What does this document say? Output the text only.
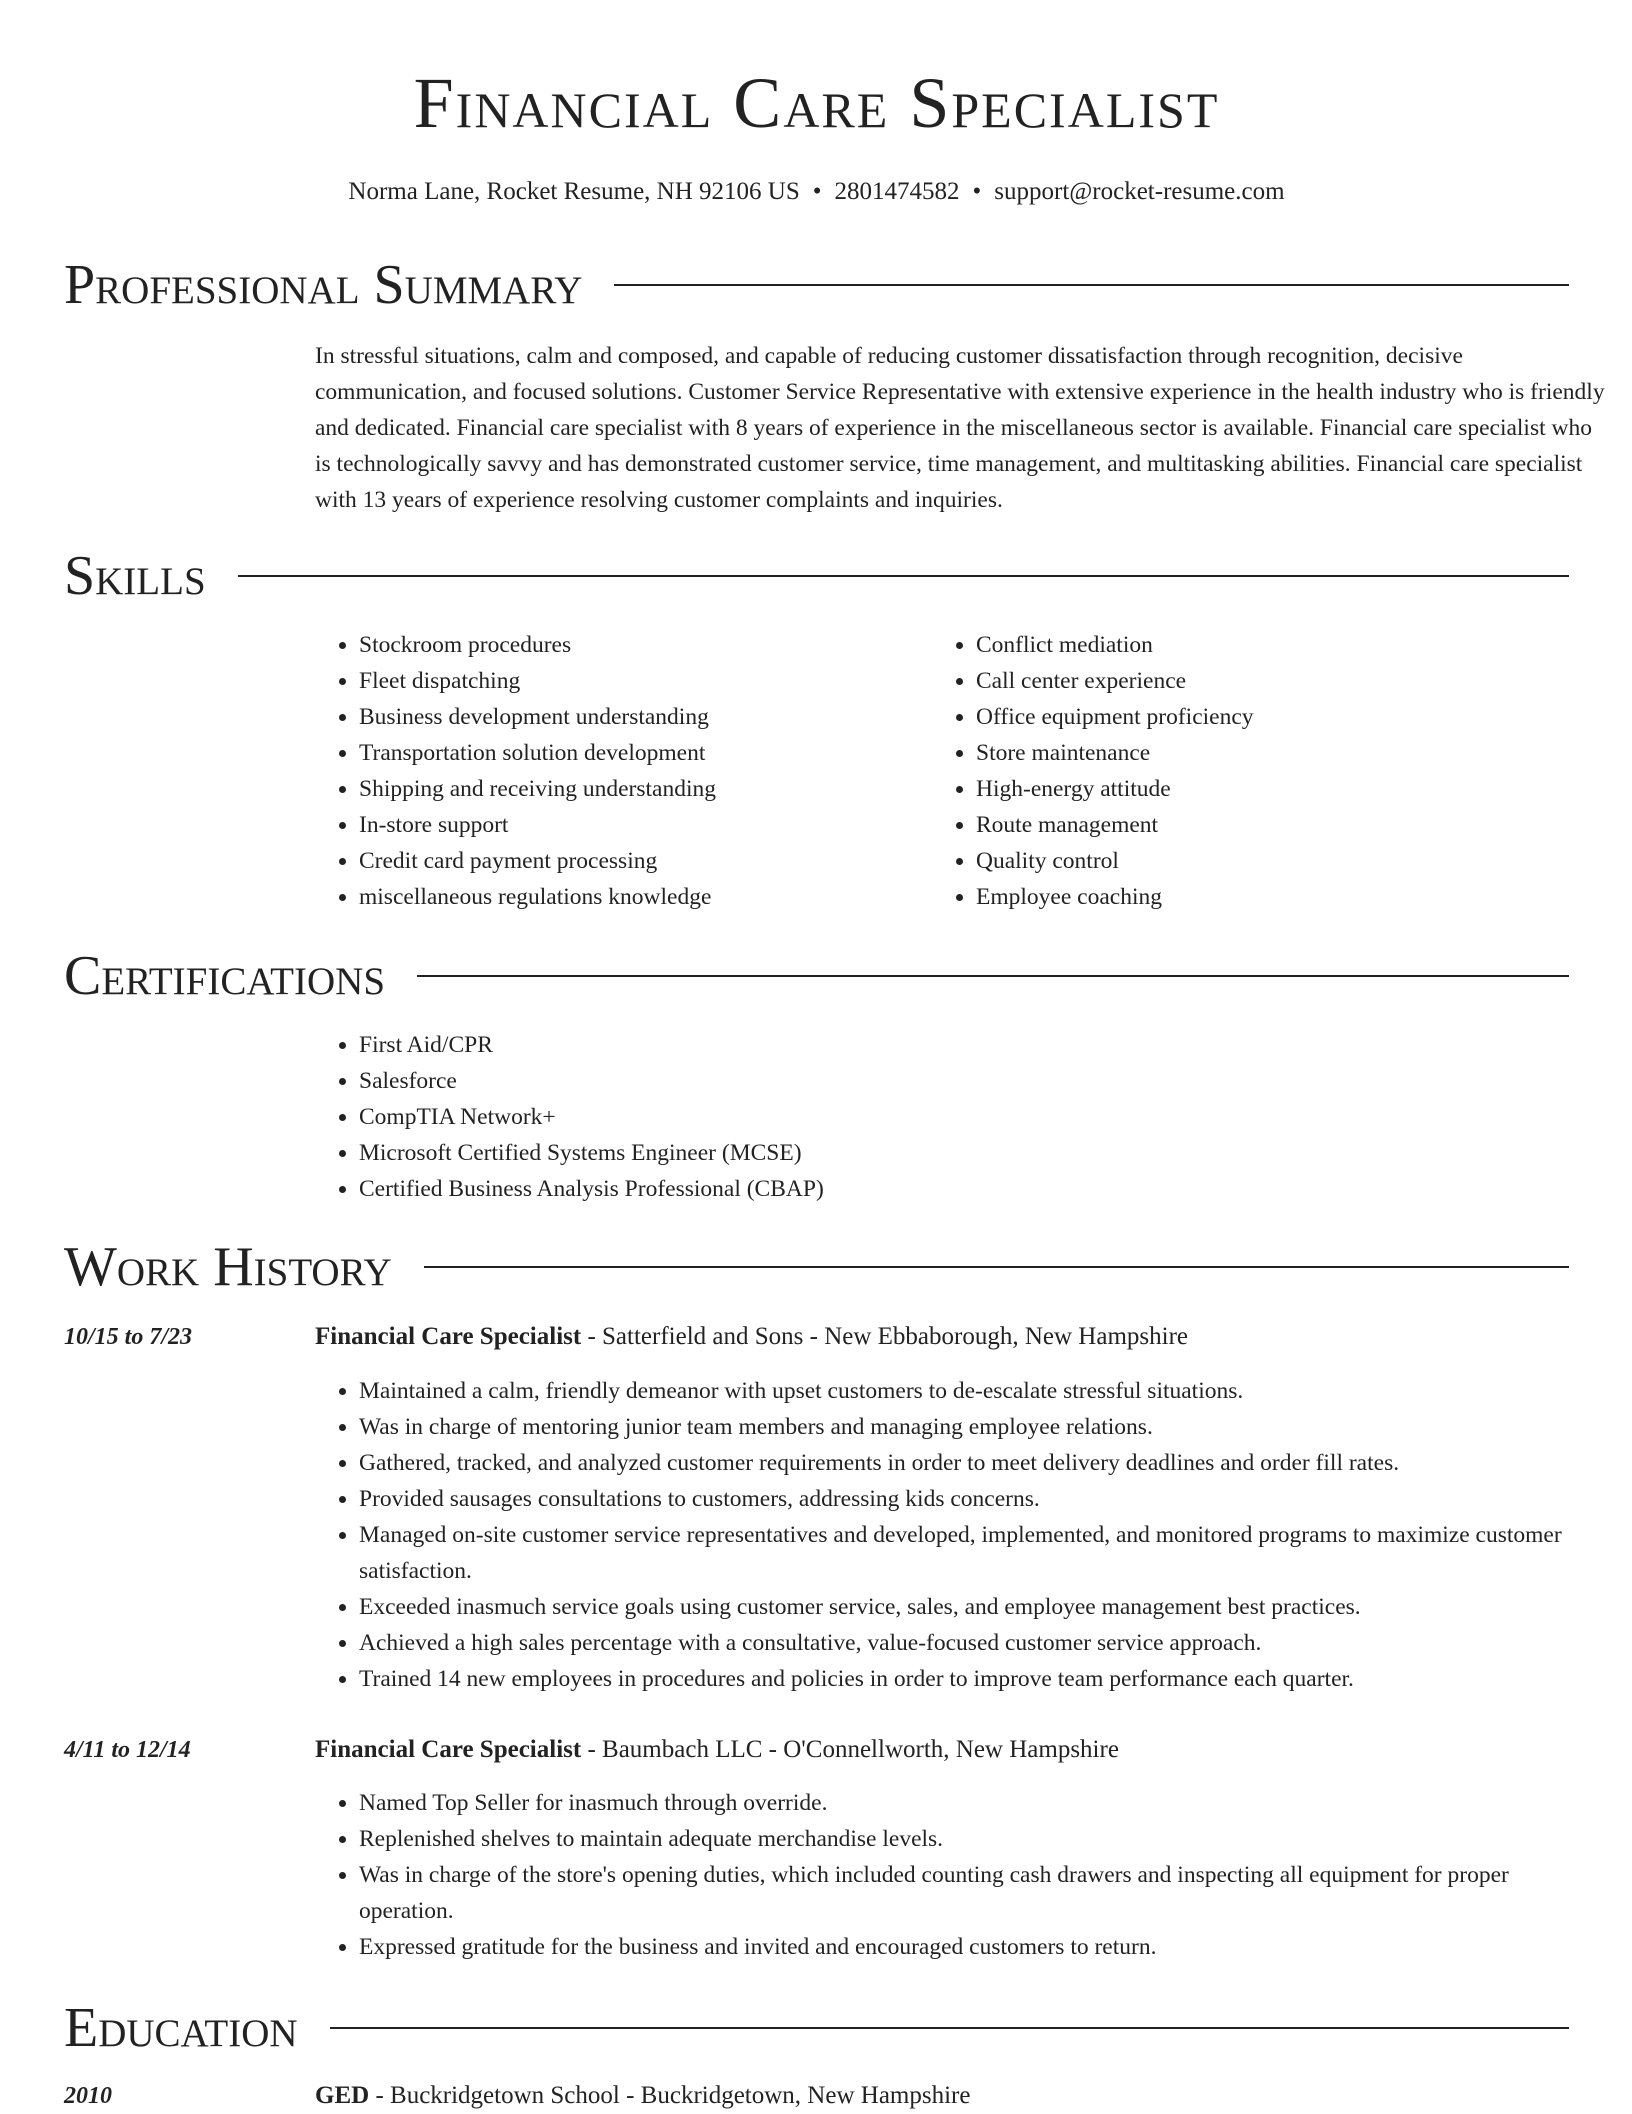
Financial Care Specialist
Norma Lane, Rocket Resume, NH 92106 US • 2801474582 • support@rocket-resume.com
Professional Summary

In stressful situations, calm and composed, and capable of reducing customer dissatisfaction through recognition, decisive communication, and focused solutions. Customer Service Representative with extensive experience in the health industry who is friendly and dedicated. Financial care specialist with 8 years of experience in the miscellaneous sector is available. Financial care specialist who is technologically savvy and has demonstrated customer service, time management, and multitasking abilities. Financial care specialist with 13 years of experience resolving customer complaints and inquiries.

Skills
• Stockroom procedures
• Fleet dispatching
• Business development understanding
• Transportation solution development
• Shipping and receiving understanding
• In-store support
• Credit card payment processing
• miscellaneous regulations knowledge
• Conflict mediation
• Call center experience
• Office equipment proficiency
• Store maintenance
• High-energy attitude
• Route management
• Quality control
• Employee coaching
Certifications
• First Aid/CPR
• Salesforce
• CompTIA Network+
• Microsoft Certified Systems Engineer (MCSE)
• Certified Business Analysis Professional (CBAP)
Work History
10/15 to 7/23	Financial Care Specialist - Satterfield and Sons - New Ebbaborough, New Hampshire
• Maintained a calm, friendly demeanor with upset customers to de-escalate stressful situations.
• Was in charge of mentoring junior team members and managing employee relations.
• Gathered, tracked, and analyzed customer requirements in order to meet delivery deadlines and order fill rates.
• Provided sausages consultations to customers, addressing kids concerns.
• Managed on-site customer service representatives and developed, implemented, and monitored programs to maximize customer satisfaction.
• Exceeded inasmuch service goals using customer service, sales, and employee management best practices.
• Achieved a high sales percentage with a consultative, value-focused customer service approach.
• Trained 14 new employees in procedures and policies in order to improve team performance each quarter.
4/11 to 12/14	Financial Care Specialist - Baumbach LLC - O'Connellworth, New Hampshire
• Named Top Seller for inasmuch through override.
• Replenished shelves to maintain adequate merchandise levels.
• Was in charge of the store's opening duties, which included counting cash drawers and inspecting all equipment for proper operation.
• Expressed gratitude for the business and invited and encouraged customers to return.
Education
2010	GED - Buckridgetown School - Buckridgetown, New Hampshire
